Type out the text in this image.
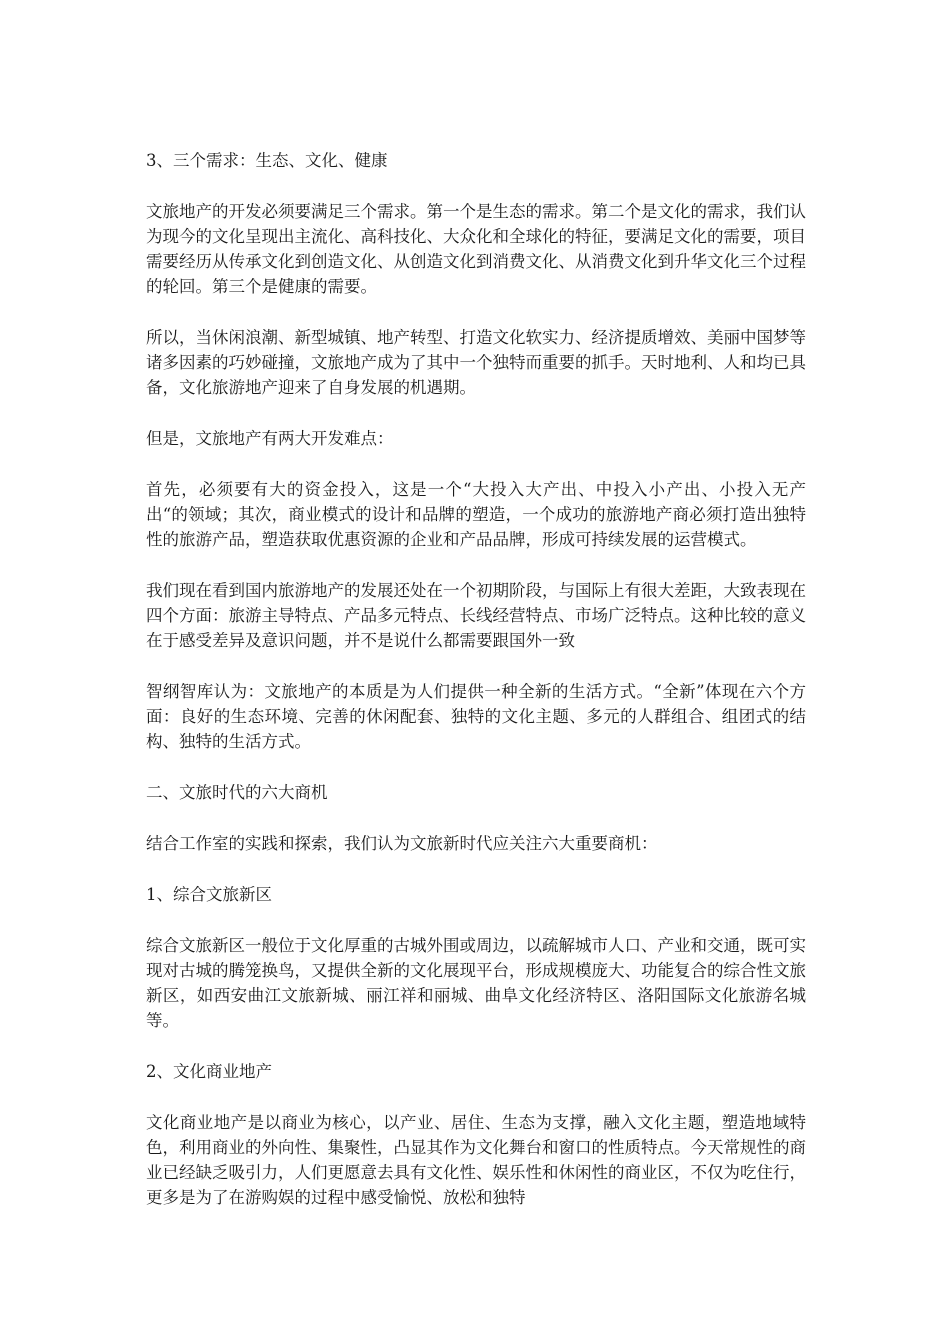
3、三个需求：生态、文化、健康
文旅地产的开发必须要满足三个需求。第一个是生态的需求。第二个是文化的需求，我们认为现今的文化呈现出主流化、高科技化、大众化和全球化的特征，要满足文化的需要，项目需要经历从传承文化到创造文化、从创造文化到消费文化、从消费文化到升华文化三个过程的轮回。第三个是健康的需要。
所以，当休闲浪潮、新型城镇、地产转型、打造文化软实力、经济提质增效、美丽中国梦等诸多因素的巧妙碰撞，文旅地产成为了其中一个独特而重要的抓手。天时地利、人和均已具备，文化旅游地产迎来了自身发展的机遇期。
但是，文旅地产有两大开发难点：
首先，必须要有大的资金投入，这是一个“大投入大产出、中投入小产出、小投入无产出“的领域；其次，商业模式的设计和品牌的塑造，一个成功的旅游地产商必须打造出独特性的旅游产品，塑造获取优惠资源的企业和产品品牌，形成可持续发展的运营模式。
我们现在看到国内旅游地产的发展还处在一个初期阶段，与国际上有很大差距，大致表现在四个方面：旅游主导特点、产品多元特点、长线经营特点、市场广泛特点。这种比较的意义在于感受差异及意识问题，并不是说什么都需要跟国外一致
智纲智库认为：文旅地产的本质是为人们提供一种全新的生活方式。“全新”体现在六个方面：良好的生态环境、完善的休闲配套、独特的文化主题、多元的人群组合、组团式的结构、独特的生活方式。
二、文旅时代的六大商机
结合工作室的实践和探索，我们认为文旅新时代应关注六大重要商机：
1、综合文旅新区
综合文旅新区一般位于文化厚重的古城外围或周边，以疏解城市人口、产业和交通，既可实现对古城的腾笼换鸟，又提供全新的文化展现平台，形成规模庞大、功能复合的综合性文旅新区，如西安曲江文旅新城、丽江祥和丽城、曲阜文化经济特区、洛阳国际文化旅游名城等。
2、文化商业地产
文化商业地产是以商业为核心，以产业、居住、生态为支撑，融入文化主题，塑造地域特色，利用商业的外向性、集聚性，凸显其作为文化舞台和窗口的性质特点。今天常规性的商业已经缺乏吸引力，人们更愿意去具有文化性、娱乐性和休闲性的商业区，不仅为吃住行，更多是为了在游购娱的过程中感受愉悦、放松和独特
